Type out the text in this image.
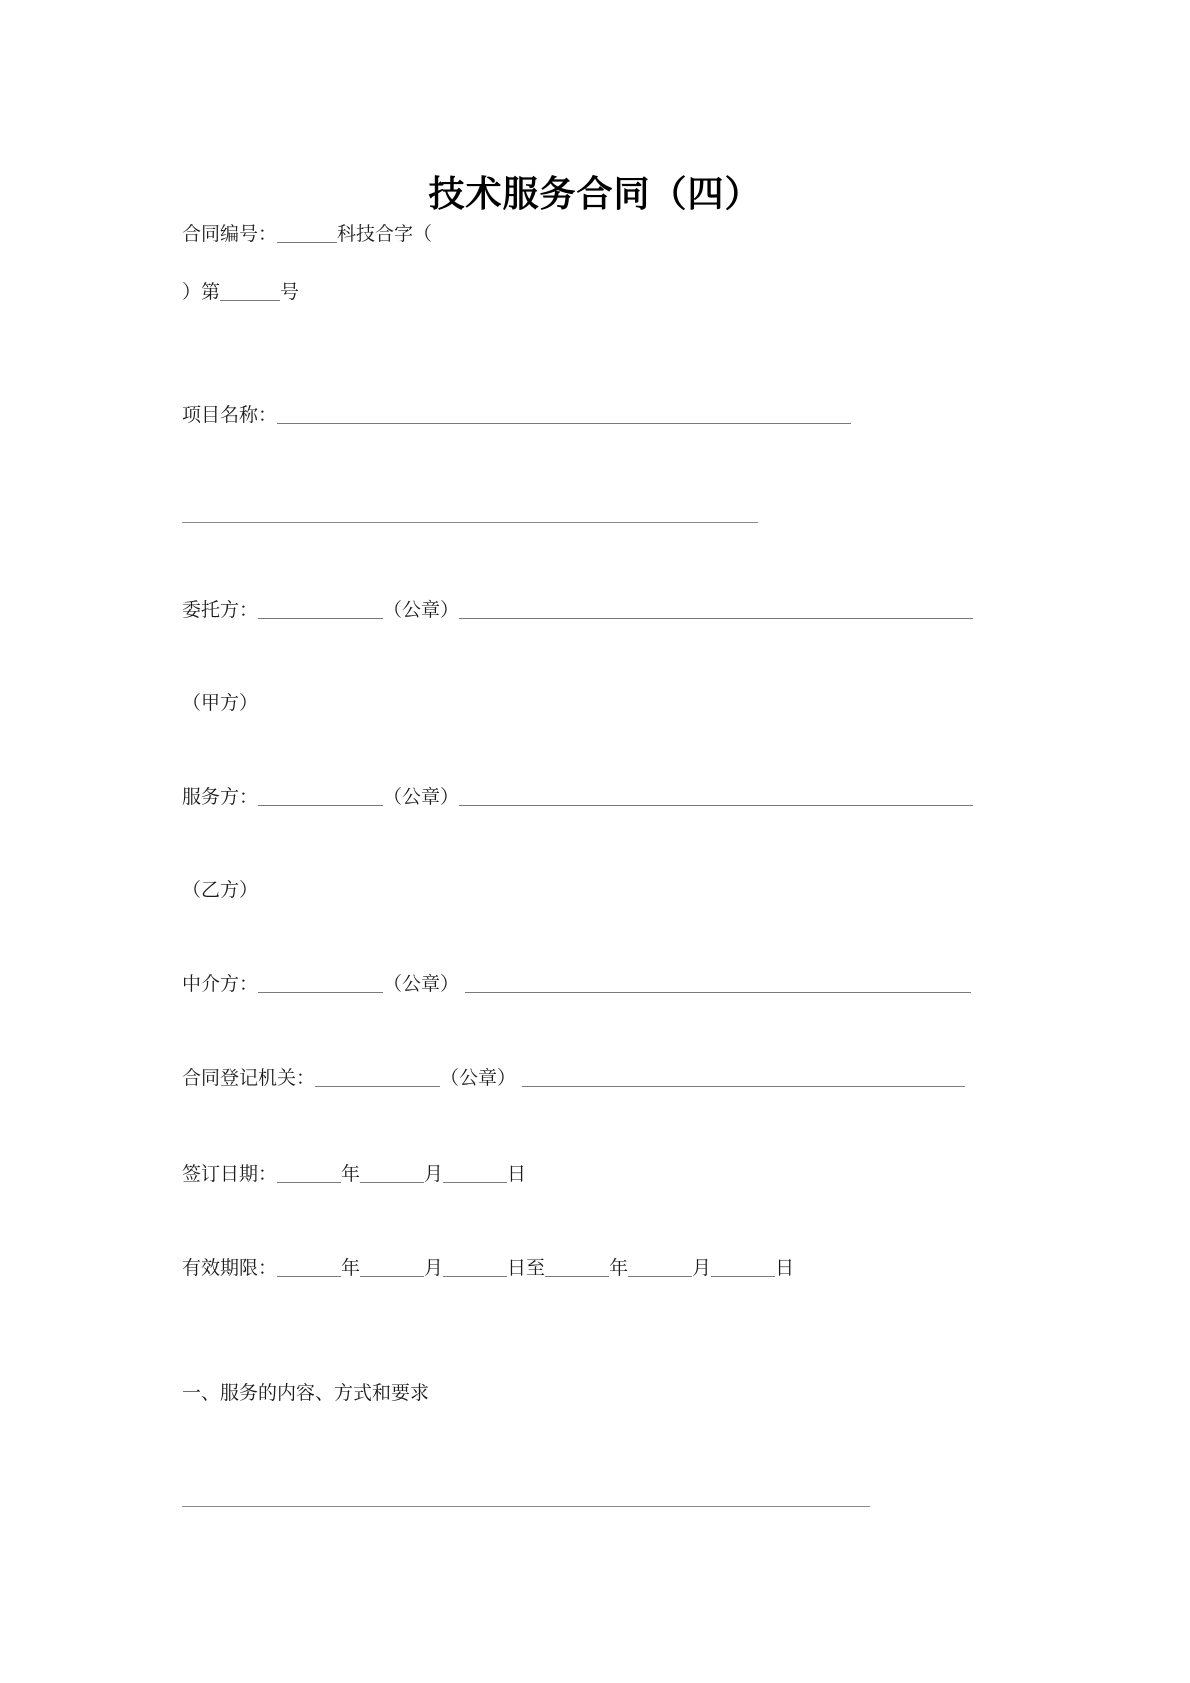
技术服务合同（四）
合同编号：	科技合字（
）第	号
项目名称：
委托方：	（公章）
（甲方）
服务方：	（公章）
（乙方）
中介方：	（公章）
合同登记机关：	（公章）
签订日期：	年	月	日
有效期限：	年	月	日至	年	月	日
一、服务的内容、方式和要求
